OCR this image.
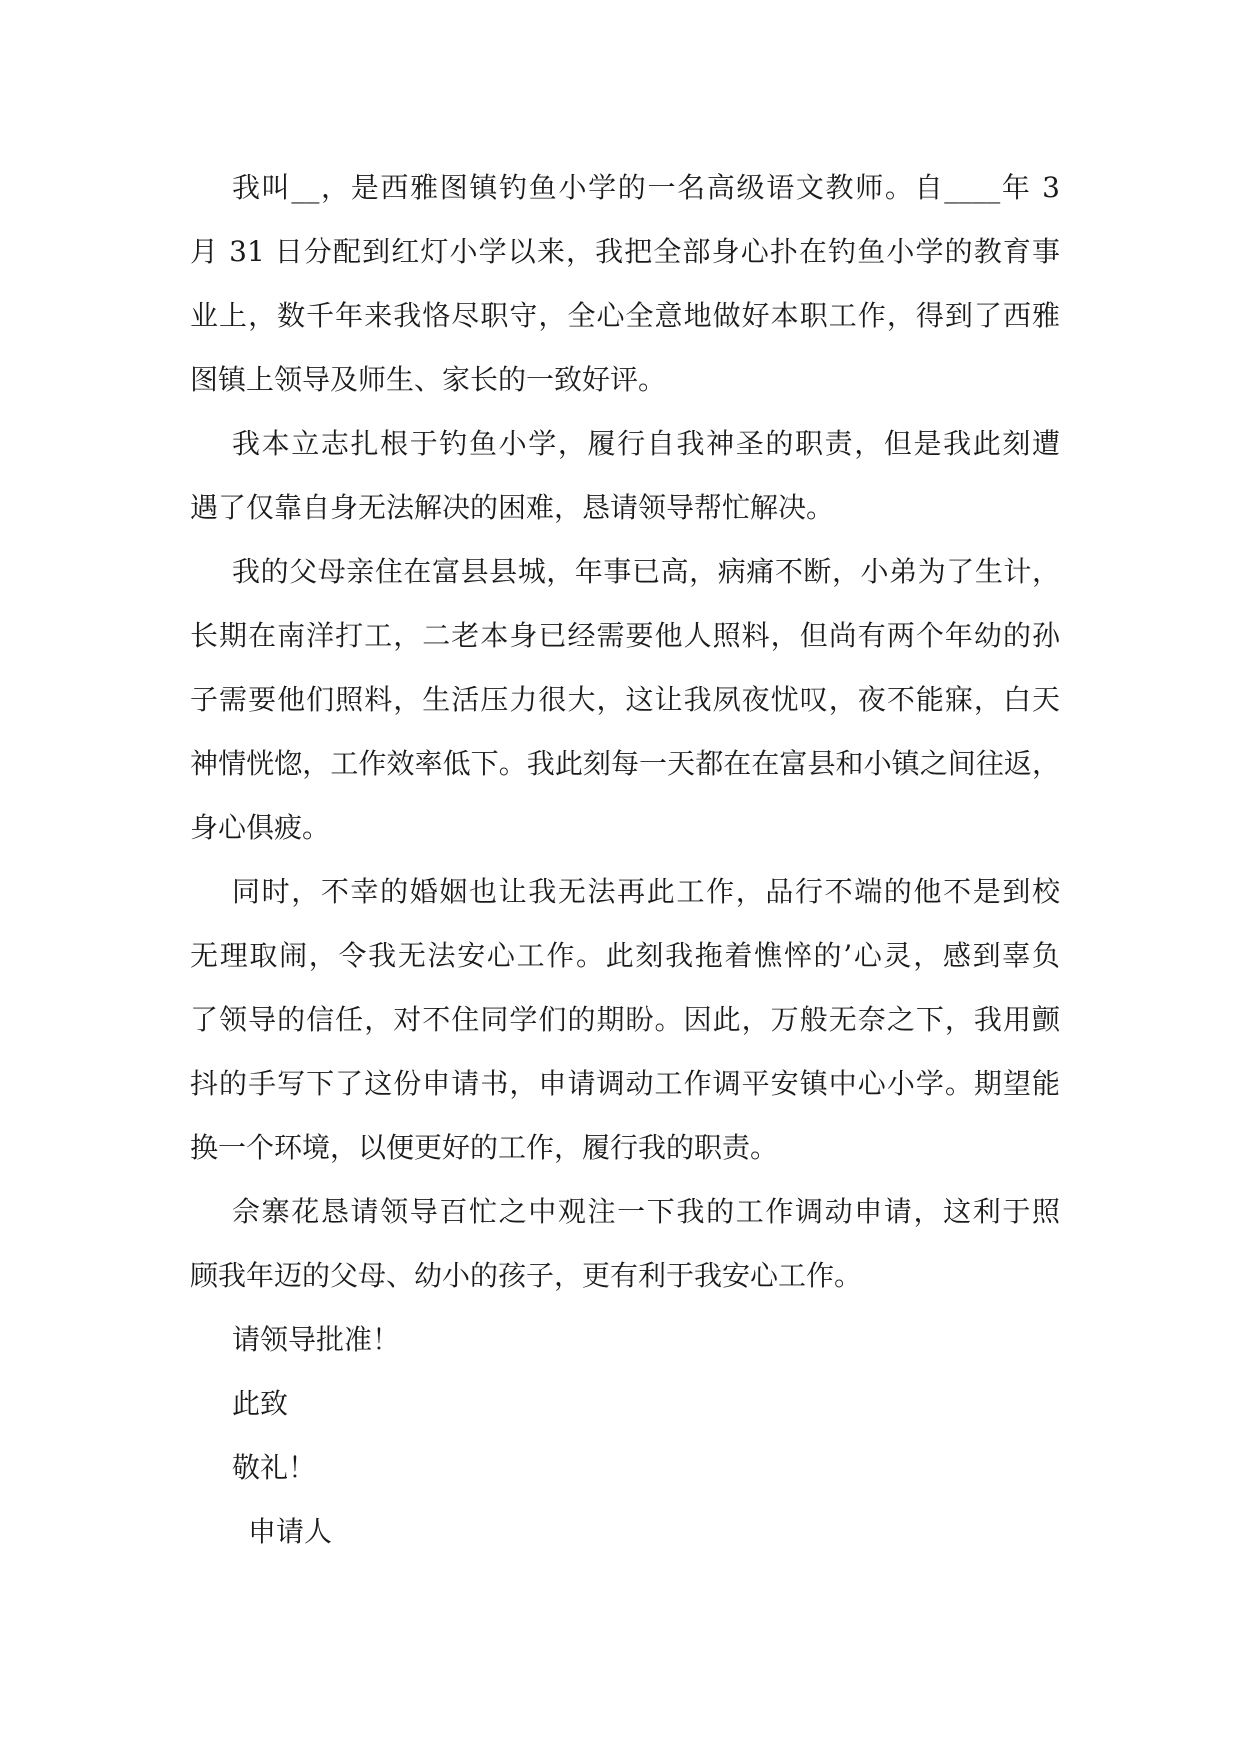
我叫__，是西雅图镇钓鱼小学的一名高级语文教师。自____年 3
月 31 日分配到红灯小学以来，我把全部身心扑在钓鱼小学的教育事
业上，数千年来我恪尽职守，全心全意地做好本职工作，得到了西雅
图镇上领导及师生、家长的一致好评。
我本立志扎根于钓鱼小学，履行自我神圣的职责，但是我此刻遭
遇了仅靠自身无法解决的困难，恳请领导帮忙解决。
我的父母亲住在富县县城，年事已高，病痛不断，小弟为了生计，
长期在南洋打工，二老本身已经需要他人照料，但尚有两个年幼的孙
子需要他们照料，生活压力很大，这让我夙夜忧叹，夜不能寐，白天
神情恍惚，工作效率低下。我此刻每一天都在在富县和小镇之间往返，
身心俱疲。
同时，不幸的婚姻也让我无法再此工作，品行不端的他不是到校
无理取闹，令我无法安心工作。此刻我拖着憔悴的’心灵，感到辜负
了领导的信任，对不住同学们的期盼。因此，万般无奈之下，我用颤
抖的手写下了这份申请书，申请调动工作调平安镇中心小学。期望能
换一个环境，以便更好的工作，履行我的职责。
佘寨花恳请领导百忙之中观注一下我的工作调动申请，这利于照
顾我年迈的父母、幼小的孩子，更有利于我安心工作。
请领导批准！
此致
敬礼！
申请人
